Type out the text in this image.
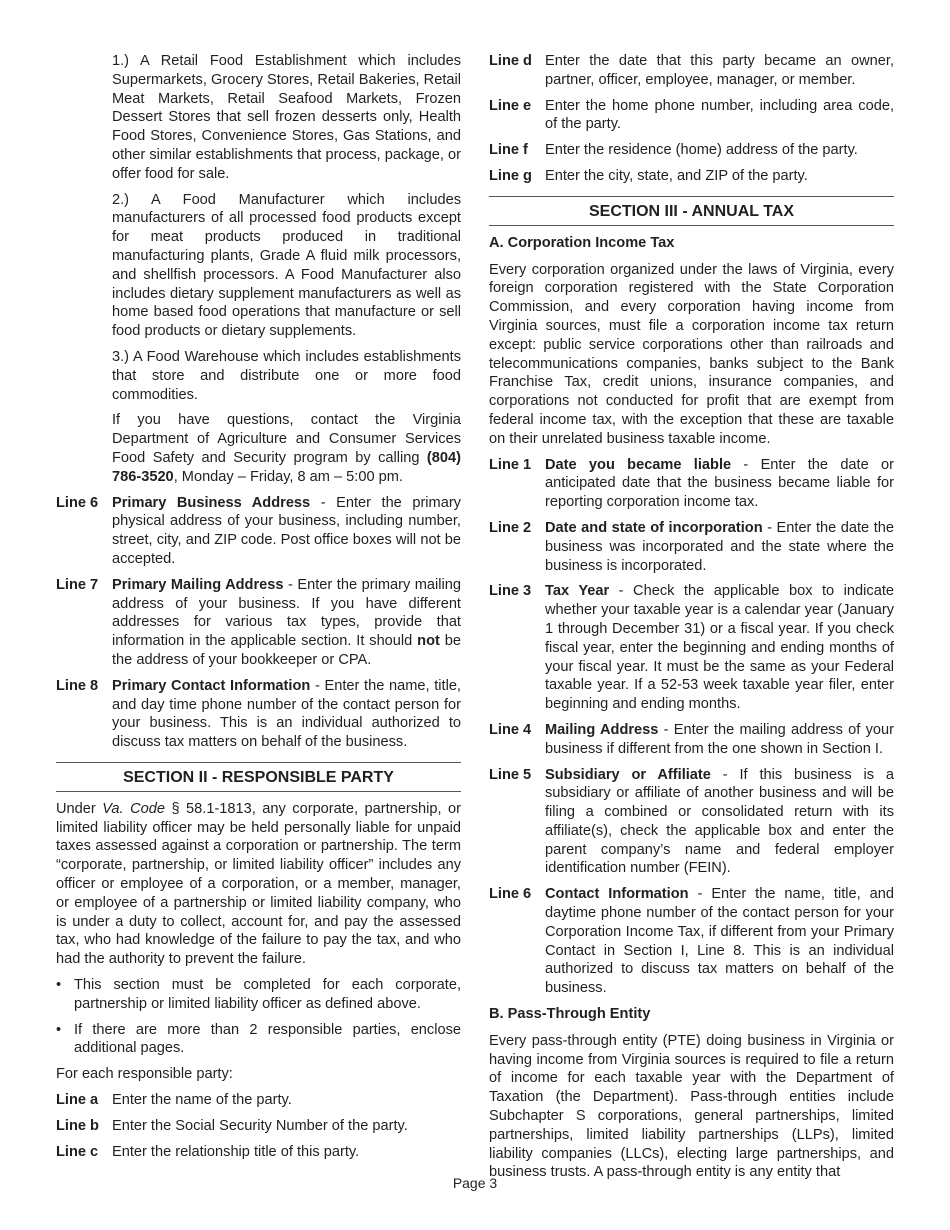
1.) A Retail Food Establishment which includes Supermarkets, Grocery Stores, Retail Bakeries, Retail Meat Markets, Retail Seafood Markets, Frozen Dessert Stores that sell frozen desserts only, Health Food Stores, Convenience Stores, Gas Stations, and other similar establishments that process, package, or offer food for sale.

2.) A Food Manufacturer which includes manufacturers of all processed food products except for meat products produced in traditional manufacturing plants, Grade A fluid milk processors, and shellfish processors. A Food Manufacturer also includes dietary supplement manufacturers as well as home based food operations that manufacture or sell food products or dietary supplements.

3.) A Food Warehouse which includes establishments that store and distribute one or more food commodities.

If you have questions, contact the Virginia Department of Agriculture and Consumer Services Food Safety and Security program by calling (804) 786-3520, Monday – Friday, 8 am – 5:00 pm.

Line 6 Primary Business Address - Enter the primary physical address of your business, including number, street, city, and ZIP code. Post office boxes will not be accepted.
Line 7 Primary Mailing Address - Enter the primary mailing address of your business. If you have different addresses for various tax types, provide that information in the applicable section. It should not be the address of your bookkeeper or CPA.
Line 8 Primary Contact Information - Enter the name, title, and day time phone number of the contact person for your business. This is an individual authorized to discuss tax matters on behalf of the business.
SECTION II - RESPONSIBLE PARTY

Under Va. Code § 58.1-1813, any corporate, partnership, or limited liability officer may be held personally liable for unpaid taxes assessed against a corporation or partnership. The term “corporate, partnership, or limited liability officer” includes any officer or employee of a corporation, or a member, manager, or employee of a partnership or limited liability company, who is under a duty to collect, account for, and pay the assessed tax, who had knowledge of the failure to pay the tax, and who had the authority to prevent the failure.

• This section must be completed for each corporate, partnership or limited liability officer as defined above.
• If there are more than 2 responsible parties, enclose additional pages.

For each responsible party:

Line a Enter the name of the party.
Line b Enter the Social Security Number of the party.
Line c Enter the relationship title of this party.
Line d Enter the date that this party became an owner, partner, officer, employee, manager, or member.
Line e Enter the home phone number, including area code, of the party.
Line f	Enter the residence (home) address of the party.
Line g Enter the city, state, and ZIP of the party.
SECTION III - ANNUAL TAX
A. Corporation Income Tax

Every corporation organized under the laws of Virginia, every foreign corporation registered with the State Corporation Commission, and every corporation having income from Virginia sources, must file a corporation income tax return except: public service corporations other than railroads and telecommunications companies, banks subject to the Bank Franchise Tax, credit unions, insurance companies, and corporations not conducted for profit that are exempt from federal income tax, with the exception that these are taxable on their unrelated business taxable income.

Line 1 Date you became liable - Enter the date or anticipated date that the business became liable for reporting corporation income tax.
Line 2 Date and state of incorporation - Enter the date the business was incorporated and the state where the business is incorporated.
Line 3 Tax Year - Check the applicable box to indicate whether your taxable year is a calendar year (January 1 through December 31) or a fiscal year. If you check fiscal year, enter the beginning and ending months of your fiscal year. It must be the same as your Federal taxable year. If a 52-53 week taxable year filer, enter beginning and ending months.
Line 4 Mailing Address - Enter the mailing address of your business if different from the one shown in Section I.
Line 5 Subsidiary or Affiliate - If this business is a subsidiary or affiliate of another business and will be filing a combined or consolidated return with its affiliate(s), check the applicable box and enter the parent company’s name and federal employer identification number (FEIN).
Line 6 Contact Information - Enter the name, title, and daytime phone number of the contact person for your Corporation Income Tax, if different from your Primary Contact in Section I, Line 8. This is an individual authorized to discuss tax matters on behalf of the business.
B. Pass-Through Entity

Every pass-through entity (PTE) doing business in Virginia or having income from Virginia sources is required to file a return of income for each taxable year with the Department of Taxation (the Department). Pass-through entities include Subchapter S corporations, general partnerships, limited partnerships, limited liability partnerships (LLPs), limited liability companies (LLCs), electing large partnerships, and business trusts. A pass-through entity is any entity that

Page 3
